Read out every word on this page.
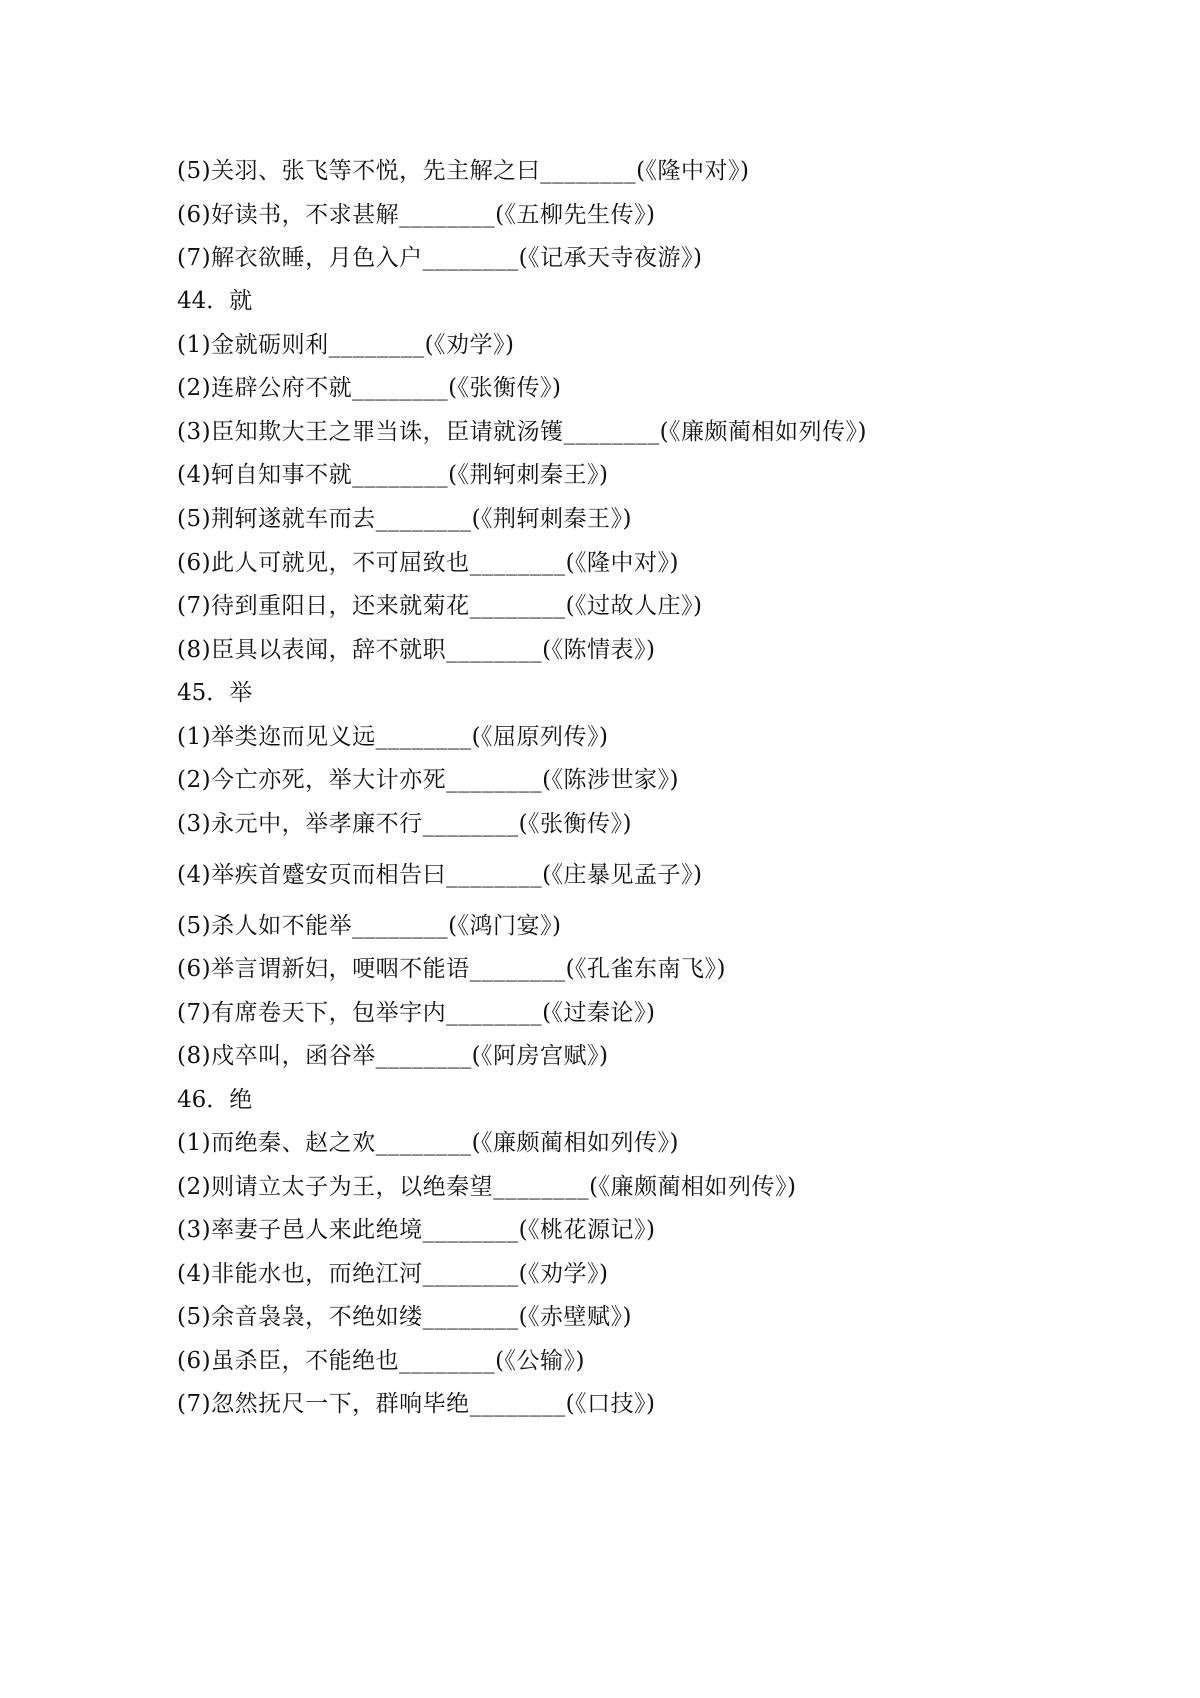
(5)关羽、张飞等不悦，先主解之曰________(《隆中对》)
(6)好读书，不求甚解________(《五柳先生传》)
(7)解衣欲睡，月色入户________(《记承天寺夜游》)
44．就
(1)金就砺则利________(《劝学》)
(2)连辟公府不就________(《张衡传》)
(3)臣知欺大王之罪当诛，臣请就汤镬________(《廉颇蔺相如列传》)
(4)轲自知事不就________(《荆轲刺秦王》)
(5)荆轲遂就车而去________(《荆轲刺秦王》)
(6)此人可就见，不可屈致也________(《隆中对》)
(7)待到重阳日，还来就菊花________(《过故人庄》)
(8)臣具以表闻，辞不就职________(《陈情表》)
45．举
(1)举类迩而见义远________(《屈原列传》)
(2)今亡亦死，举大计亦死________(《陈涉世家》)
(3)永元中，举孝廉不行________(《张衡传》)
(4)举疾首蹙安页而相告曰________(《庄暴见孟子》)
(5)杀人如不能举________(《鸿门宴》)
(6)举言谓新妇，哽咽不能语________(《孔雀东南飞》)
(7)有席卷天下，包举宇内________(《过秦论》)
(8)戍卒叫，函谷举________(《阿房宫赋》)
46．绝
(1)而绝秦、赵之欢________(《廉颇蔺相如列传》)
(2)则请立太子为王，以绝秦望________(《廉颇蔺相如列传》)
(3)率妻子邑人来此绝境________(《桃花源记》)
(4)非能水也，而绝江河________(《劝学》)
(5)余音袅袅，不绝如缕________(《赤壁赋》)
(6)虽杀臣，不能绝也________(《公输》)
(7)忽然抚尺一下，群响毕绝________(《口技》)
